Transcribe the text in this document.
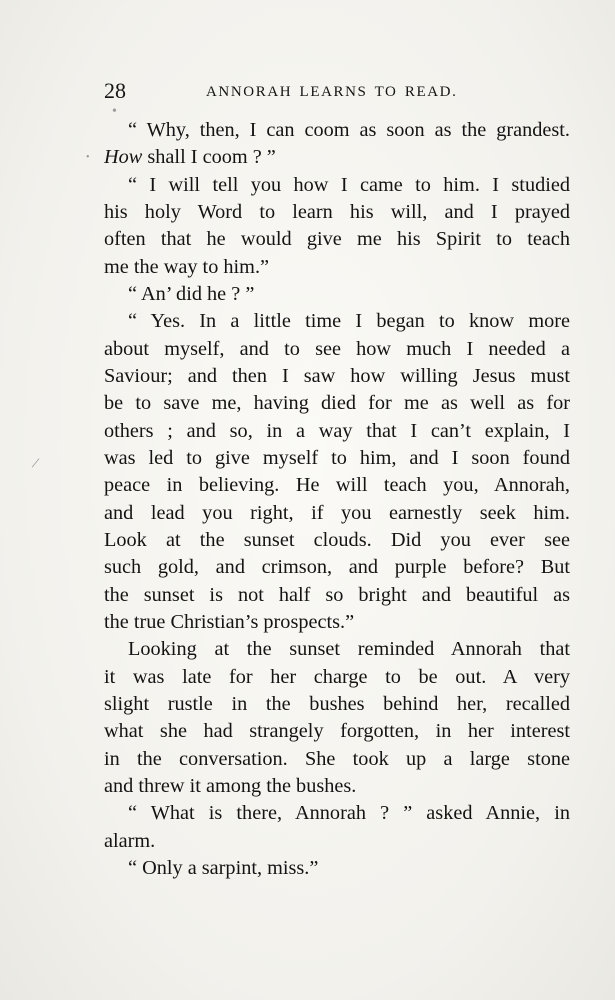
28	ANNORAH LEARNS TO READ.
•
•
/
“ Why, then, I can coom as soon as the grandest.
How shall I coom ? ”
“ I will tell you how I came to him. I studied
his holy Word to learn his will, and I prayed
often that he would give me his Spirit to teach
me the way to him.”
“ An’ did he ? ”
“ Yes. In a little time I began to know more
about myself, and to see how much I needed a
Saviour; and then I saw how willing Jesus must
be to save me, having died for me as well as for
others ; and so, in a way that I can’t explain, I
was led to give myself to him, and I soon found
peace in believing. He will teach you, Annorah,
and lead you right, if you earnestly seek him.
Look at the sunset clouds. Did you ever see
such gold, and crimson, and purple before? But
the sunset is not half so bright and beautiful as
the true Christian’s prospects.”
Looking at the sunset reminded Annorah that
it was late for her charge to be out. A very
slight rustle in the bushes behind her, recalled
what she had strangely forgotten, in her interest
in the conversation. She took up a large stone
and threw it among the bushes.
“ What is there, Annorah ? ” asked Annie, in
alarm.
“ Only a sarpint, miss.”
